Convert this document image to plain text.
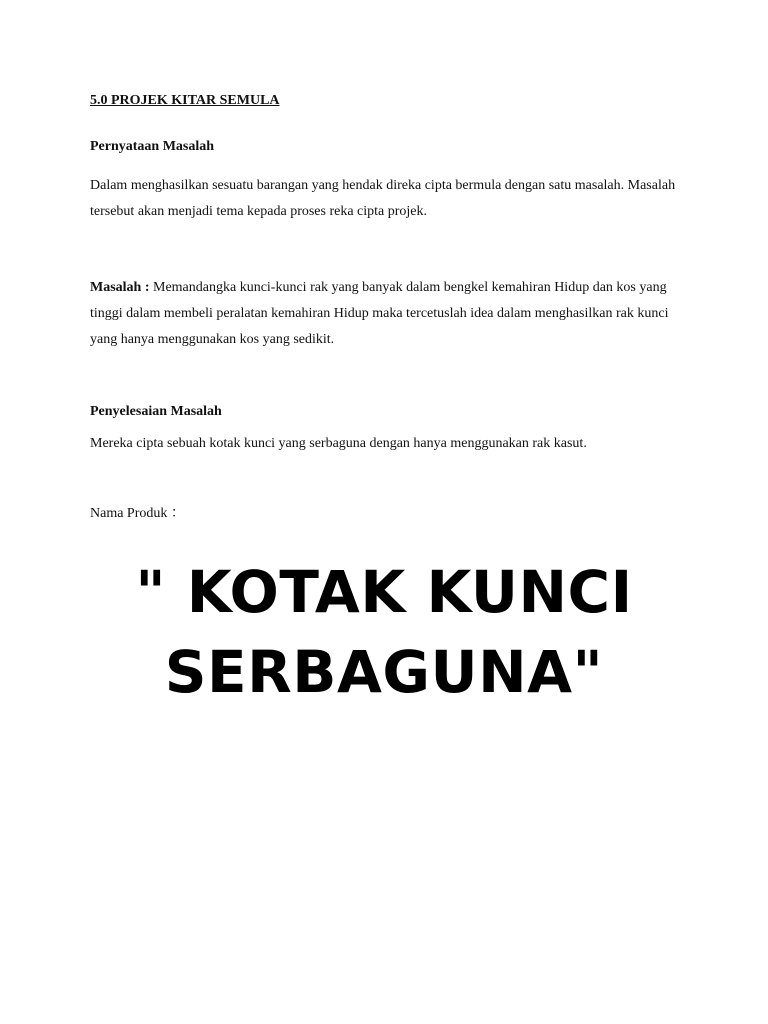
5.0 PROJEK KITAR SEMULA

Pernyataan Masalah

Dalam menghasilkan sesuatu barangan yang hendak direka cipta bermula dengan satu masalah. Masalah tersebut akan menjadi tema kepada proses reka cipta projek.

Masalah : Memandangka kunci-kunci rak yang banyak dalam bengkel kemahiran Hidup dan kos yang tinggi dalam membeli peralatan kemahiran Hidup maka tercetuslah idea dalam menghasilkan rak kunci yang hanya menggunakan kos yang sedikit.

Penyelesaian Masalah

Mereka cipta sebuah kotak kunci yang serbaguna dengan hanya menggunakan rak kasut.

Nama Produk ：

" KOTAK KUNCI
SERBAGUNA"
